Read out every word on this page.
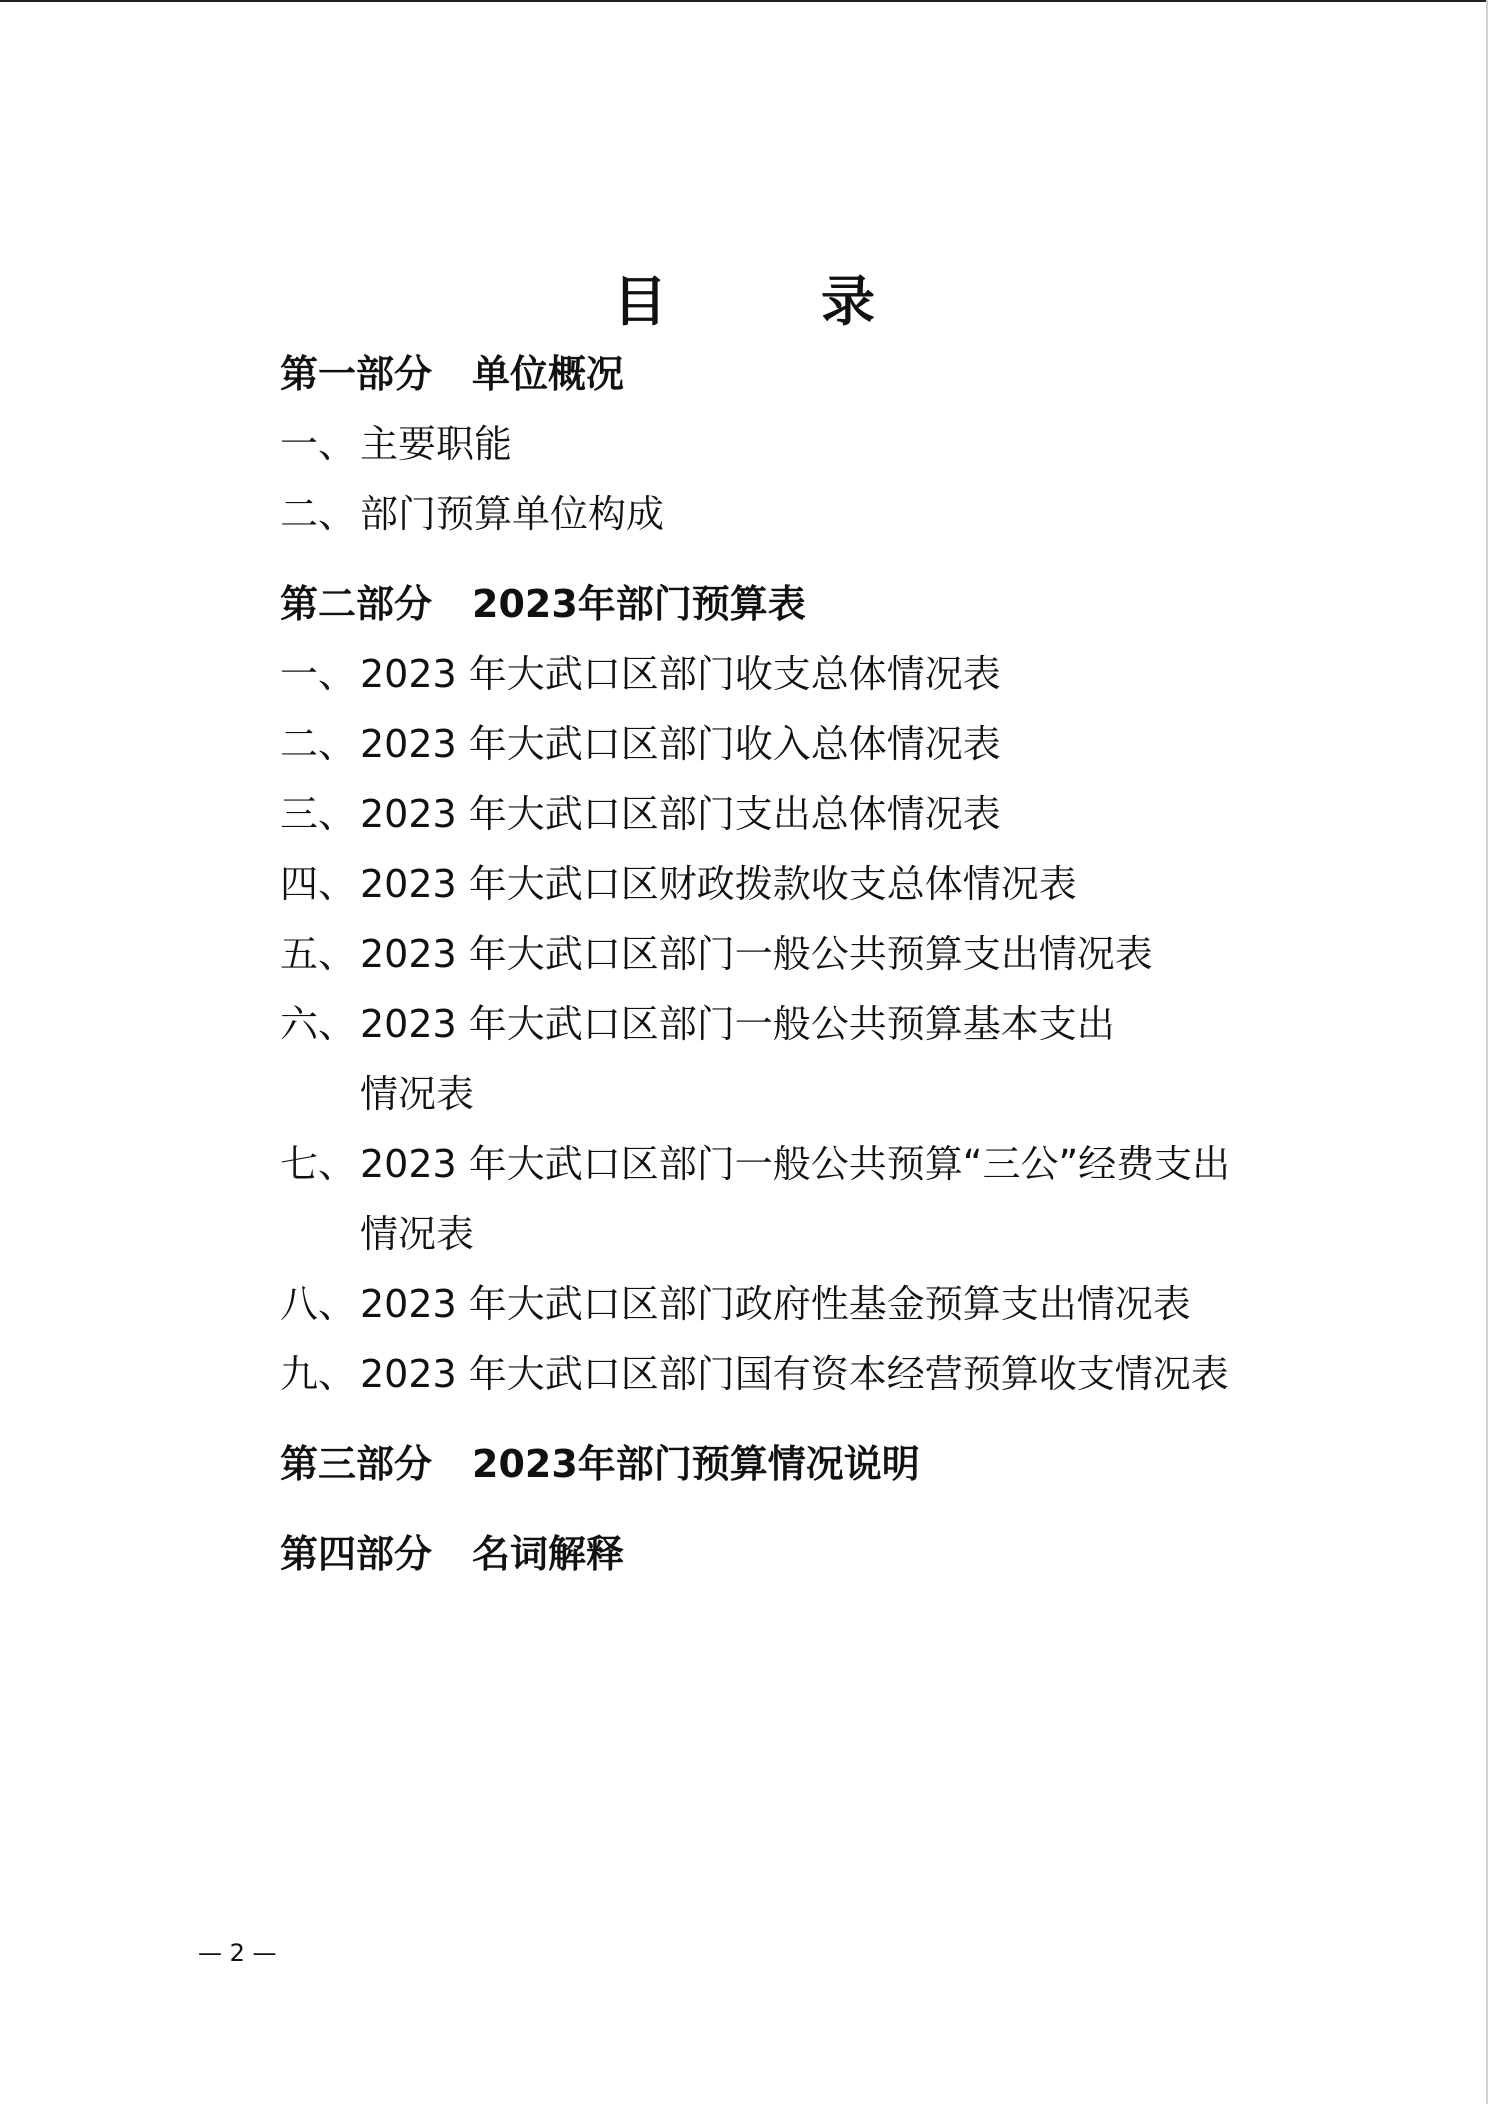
目　录
第一部分 单位概况
一、 主要职能
二、 部门预算单位构成
第二部分 2023年部门预算表
一、 2023 年大武口区部门收支总体情况表
二、 2023 年大武口区部门收入总体情况表
三、 2023 年大武口区部门支出总体情况表
四、 2023 年大武口区财政拨款收支总体情况表
五、 2023 年大武口区部门一般公共预算支出情况表
六、 2023 年大武口区部门一般公共预算基本支出
情况表
七、 2023 年大武口区部门一般公共预算“三公”经费支出
情况表
八、 2023 年大武口区部门政府性基金预算支出情况表
九、 2023 年大武口区部门国有资本经营预算收支情况表
第三部分 2023年部门预算情况说明
第四部分 名词解释
— 2 —
